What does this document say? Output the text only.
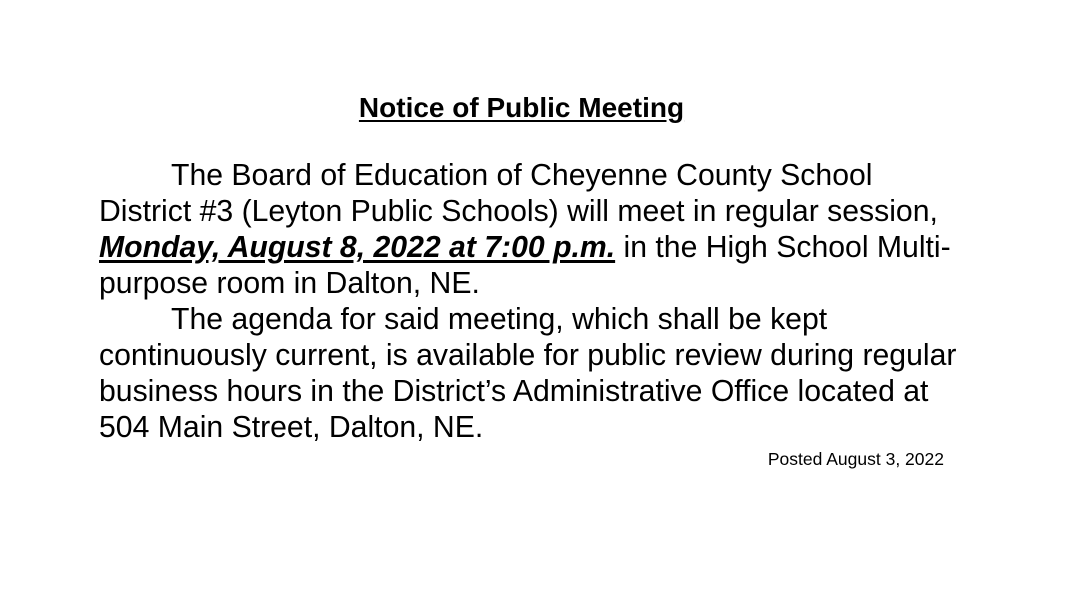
Notice of Public Meeting

The Board of Education of Cheyenne County School District #3 (Leyton Public Schools) will meet in regular session, Monday, August 8, 2022 at 7:00 p.m. in the High School Multi-purpose room in Dalton, NE.

The agenda for said meeting, which shall be kept continuously current, is available for public review during regular business hours in the District’s Administrative Office located at 504 Main Street, Dalton, NE.

Posted August 3, 2022
